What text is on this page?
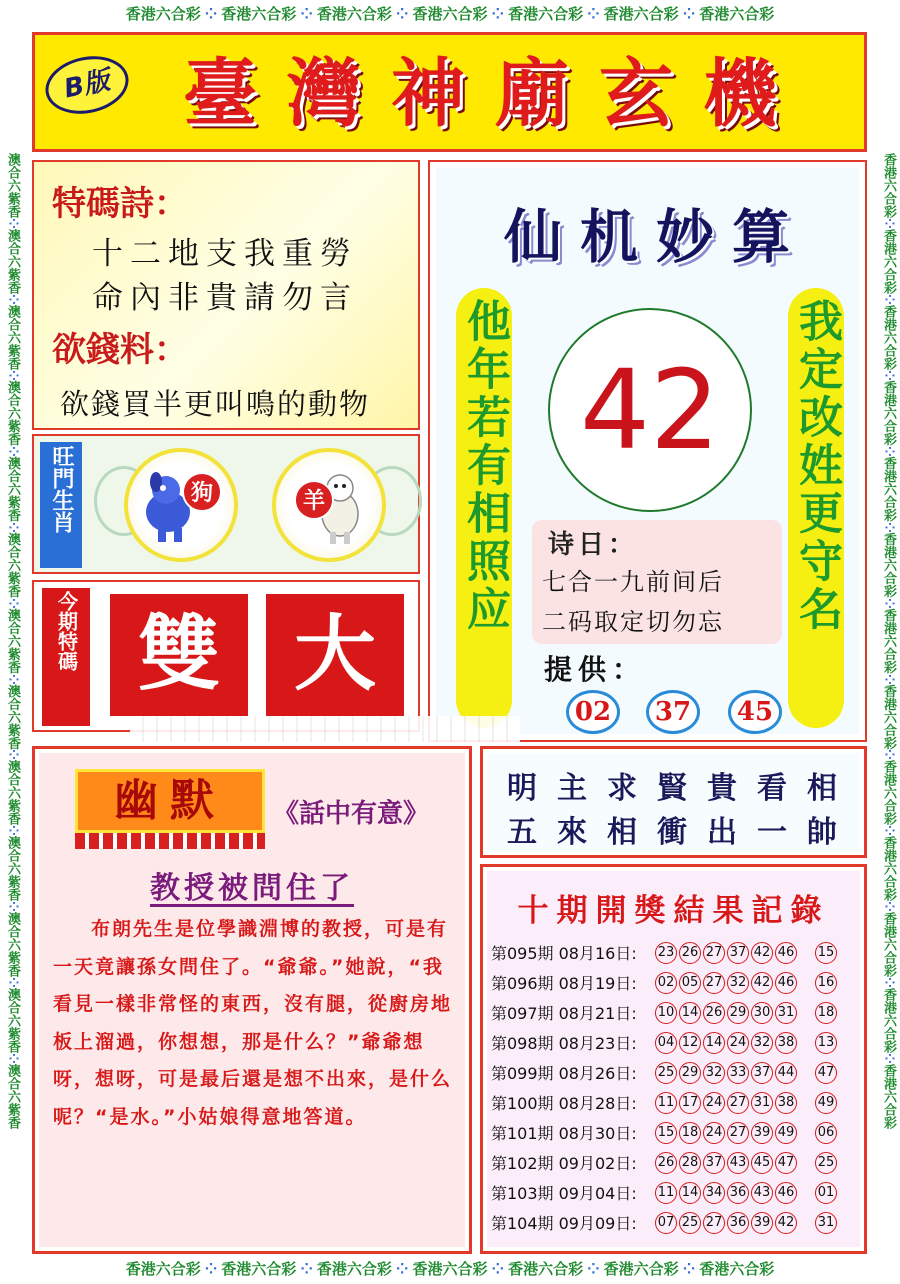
香港六合彩 ⁘ 香港六合彩 ⁘ 香港六合彩 ⁘ 香港六合彩 ⁘ 香港六合彩 ⁘ 香港六合彩 ⁘ 香港六合彩
香港六合彩 ⁘ 香港六合彩 ⁘ 香港六合彩 ⁘ 香港六合彩 ⁘ 香港六合彩 ⁘ 香港六合彩 ⁘ 香港六合彩
澳合六紫香⁘澳合六紫香⁘澳合六紫香⁘澳合六紫香⁘澳合六紫香⁘澳合六紫香⁘澳合六紫香⁘澳合六紫香⁘澳合六紫香⁘澳合六紫香⁘澳合六紫香⁘澳合六紫香⁘澳合六紫香
香港六合彩⁘香港六合彩⁘香港六合彩⁘香港六合彩⁘香港六合彩⁘香港六合彩⁘香港六合彩⁘香港六合彩⁘香港六合彩⁘香港六合彩⁘香港六合彩⁘香港六合彩⁘香港六合彩
B版 臺灣神廟玄機
特碼詩：
十二地支我重勞
命內非貴請勿言
欲錢料：
欲錢買半更叫鳴的動物
旺門生肖	狗	羊
今期特碼 雙 大
仙机妙算
他年若有相照应	我定改姓更守名
42
诗日：
七合一九前间后
二码取定切勿忘
提供：
02	37	45
幽默	《話中有意》
教授被問住了
布朗先生是位學識淵博的教授，可是有一天竟讓孫女問住了。“爺爺。”她說，“我看見一樣非常怪的東西，沒有腿，從廚房地板上溜過，你想想，那是什么？”爺爺想呀，想呀，可是最后還是想不出來，是什么呢？“是水。”小姑娘得意地答道。
明主求賢貴看相
五來相衝出一帥
十期開獎結果記錄
第095期 08月16日:	23 26 27 37 42 46 15
第096期 08月19日:	02 05 27 32 42 46 16
第097期 08月21日:	10 14 26 29 30 31 18
第098期 08月23日:	04 12 14 24 32 38 13
第099期 08月26日:	25 29 32 33 37 44 47
第100期 08月28日:	11 17 24 27 31 38 49
第101期 08月30日:	15 18 24 27 39 49 06
第102期 09月02日:	26 28 37 43 45 47 25
第103期 09月04日:	11 14 34 36 43 46 01
第104期 09月09日:	07 25 27 36 39 42 31
